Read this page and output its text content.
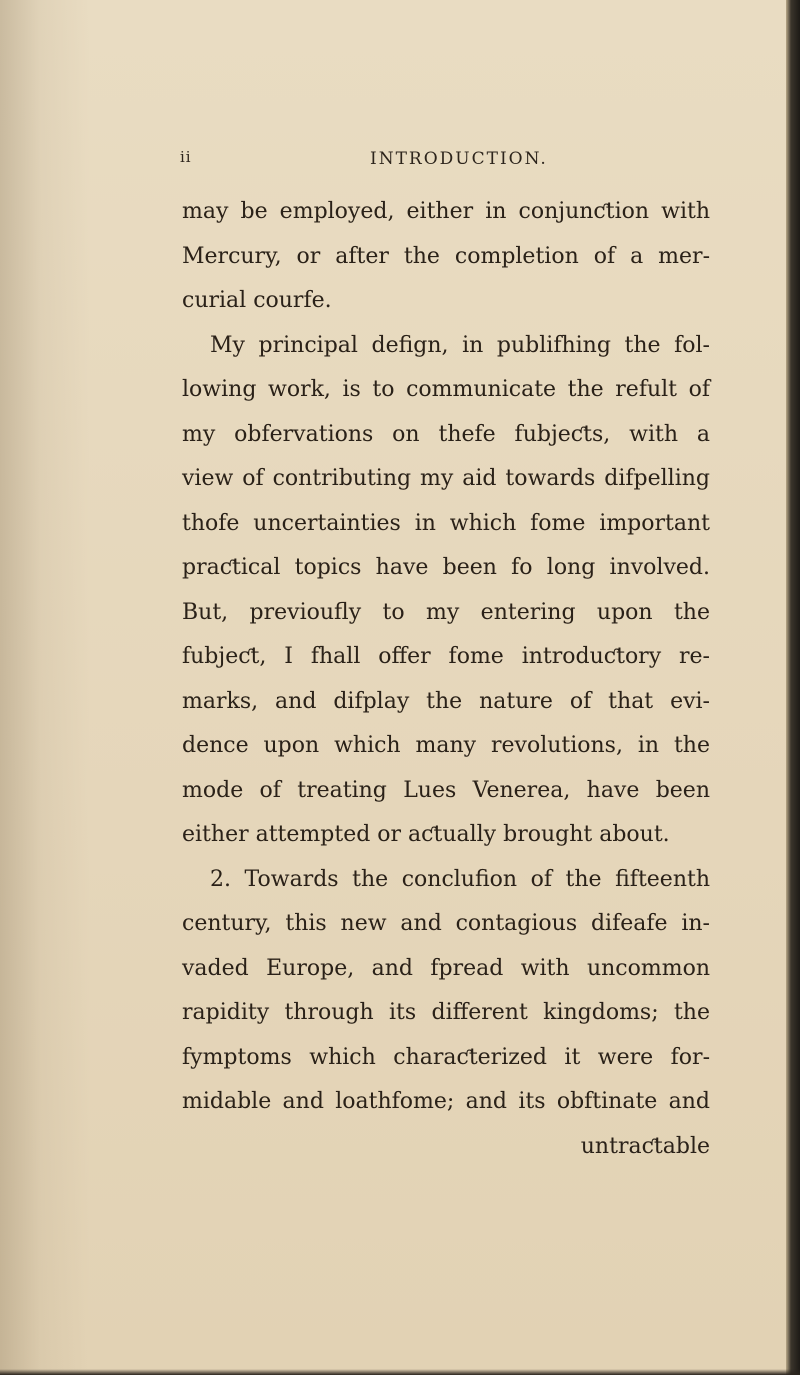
ii	INTRODUCTION.
may be employed, either in conjunƈtion with
Mercury, or after the completion of a mer-
curial courfe.
My principal defign, in publifhing the fol-
lowing work, is to communicate the refult of
my obfervations on thefe fubjeƈts, with a
view of contributing my aid towards difpelling
thofe uncertainties in which fome important
praƈtical topics have been fo long involved.
But, previoufly to my entering upon the
fubjeƈt, I fhall offer fome introduƈtory re-
marks, and difplay the nature of that evi-
dence upon which many revolutions, in the
mode of treating Lues Venerea, have been
either attempted or aƈtually brought about.
2. Towards the conclufion of the fifteenth
century, this new and contagious difeafe in-
vaded Europe, and fpread with uncommon
rapidity through its different kingdoms; the
fymptoms which charaƈterized it were for-
midable and loathfome; and its obftinate and
untraƈtable
